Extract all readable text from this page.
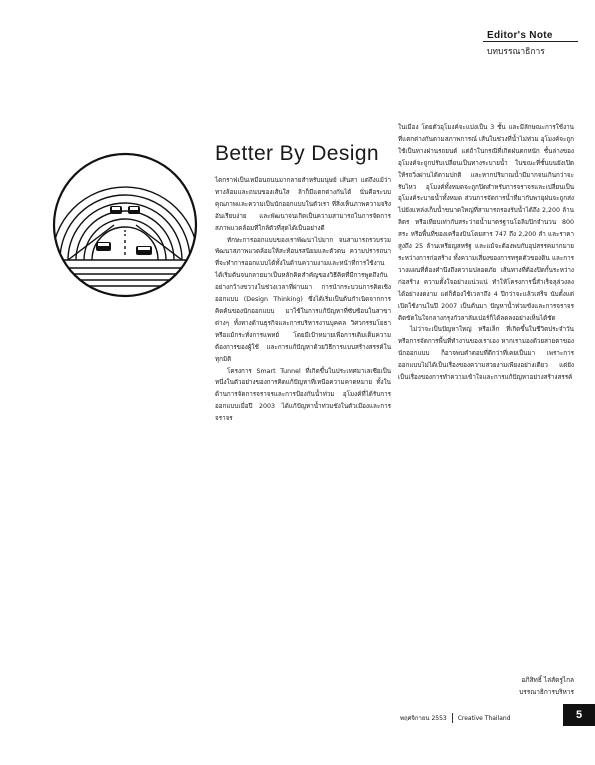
Editor's Note
บทบรรณาธิการ
Better By Design

ไดกราฟเป็นเหมือนถนนมากลายสำหรับมนุษย์ เส้นสา แต่ถึงแม้ว่าทางล้อมและถนนของเส้นใส ล้าก็มีแตกต่างกันได้ นั่นคือระบบคุณภาพและความเป็นนักออกแบบในตัวเรา ที่สิ่งเห็นภาพความจริงอันเรียบง่าย และพัฒนาจนเกิดเป็นความสามารถในการจัดการสภาพแวดล้อมที่ใกล้ตัวที่สุดได้เป็นอย่างดี

ทักษะการออกแบบของเราพัฒนาไปมาก จนสามารถรวบรวมพัฒนาสภาพแวดล้อมให้สะท้อนรสนิยมและตัวตน ความปรารถนาที่จะทำการออกแบบได้ทั้งในด้านความงามและหน้าที่การใช้งาน ได้เริ่มต้นจนกลายมาเป็นหลักคิดสำคัญของวิธีคิดที่มีการพูดถึงกันอย่างกว้างขวางในช่วงเวลาที่ผ่านมา การนำกระบวนการคิดเชิงออกแบบ (Design Thinking) ซึ่งได้เริ่มเป็นต้นกำเนิดจากการคิดค้นของนักออกแบบ มาใช้ในการแก้ปัญหาที่ซับซ้อนในสาขาต่างๆ ทั้งทางด้านธุรกิจและการบริหารงานบุคคล วิศวกรรมโยธา หรือแม้กระทั่งการแพทย์ โดยมีเป้าหมายเพื่อการเติมเต็มความต้องการของผู้ใช้ และการแก้ปัญหาด้วยวิธีการแบบสร้างสรรค์ในทุกมิติ

โครงการ Smart Tunnel ที่เกิดขึ้นในประเทศมาเลเซียเป็นหนึ่งในตัวอย่างของการคิดแก้ปัญหาที่เหนือความคาดหมาย ทั้งในด้านการจัดการจราจรและการป้องกันน้ำท่วม อุโมงค์ที่ได้รับการออกแบบเมื่อปี 2003 ได้แก้ปัญหาน้ำท่วมขังในตัวเมืองและการจราจร

ในเมือง โดยตัวอุโมงค์จะแบ่งเป็น 3 ชั้น และมีลักษณะการใช้งานที่แตกต่างกันตามสภาพการณ์ เส้นในช่วงที่น้ำไม่ท่วม อุโมงค์จะถูกใช้เป็นทางผ่านรถยนต์ แต่ถ้าในกรณีที่เกิดฝนตกหนัก ชั้นล่างของอุโมงค์จะถูกปรับเปลี่ยนเป็นทางระบายน้ำ ในขณะที่ชั้นบนยังเปิดให้รถวิ่งผ่านได้ตามปกติ และหากปริมาณน้ำมีมากจนเกินกว่าจะรับไหว อุโมงค์ทั้งหมดจะถูกปิดสำหรับการจราจรและเปลี่ยนเป็นอุโมงค์ระบายน้ำทั้งหมด ส่วนการจัดการน้ำที่มากับพายุฝนจะถูกส่งไปยังแหล่งเก็บน้ำขนาดใหญ่ที่สามารถรองรับน้ำได้ถึง 2,200 ล้านลิตร หรือเทียบเท่ากับสระว่ายน้ำมาตรฐานโอลิมปิกจำนวน 800 สระ หรือพื้นที่ของเครื่องบินโดยสาร 747 ถึง 2,200 ลำ และราคาสูงถึง 25 ล้านเหรียญสหรัฐ และแม้จะต้องพบกับอุปสรรคมากมายระหว่างการก่อสร้าง ทั้งความเสี่ยงของการทรุดตัวของดิน และการวางแผนที่ต้องคำนึงถึงความปลอดภัย เส้นทางที่ต้องปิดกั้นระหว่างก่อสร้าง ความตั้งใจอย่างแน่วแน่ ทำให้โครงการนี้สำเร็จลุล่วงลงได้อย่างงดงาม แต่ก็ต้องใช้เวลาถึง 4 ปีกว่าจะแล้วเสร็จ นับตั้งแต่เปิดใช้งานในปี 2007 เป็นต้นมา ปัญหาน้ำท่วมขังและการจราจรติดขัดในใจกลางกรุงกัวลาลัมเปอร์ก็ได้ลดลงอย่างเห็นได้ชัด

ไม่ว่าจะเป็นปัญหาใหญ่ หรือเล็ก ที่เกิดขึ้นในชีวิตประจำวัน หรือการจัดการพื้นที่ทำงานของเราเอง หากเรามองด้วยสายตาของนักออกแบบ ก็อาจพบคำตอบที่ดีกว่าที่เคยเป็นมา เพราะการออกแบบไม่ได้เป็นเรื่องของความสวยงามเพียงอย่างเดียว แต่ยังเป็นเรื่องของการทำความเข้าใจและการแก้ปัญหาอย่างสร้างสรรค์

อภิสิทธิ์ ไล่สัตรูไกล
บรรณาธิการบริหาร
พฤศจิกายน 2553 Creative Thailand	5
